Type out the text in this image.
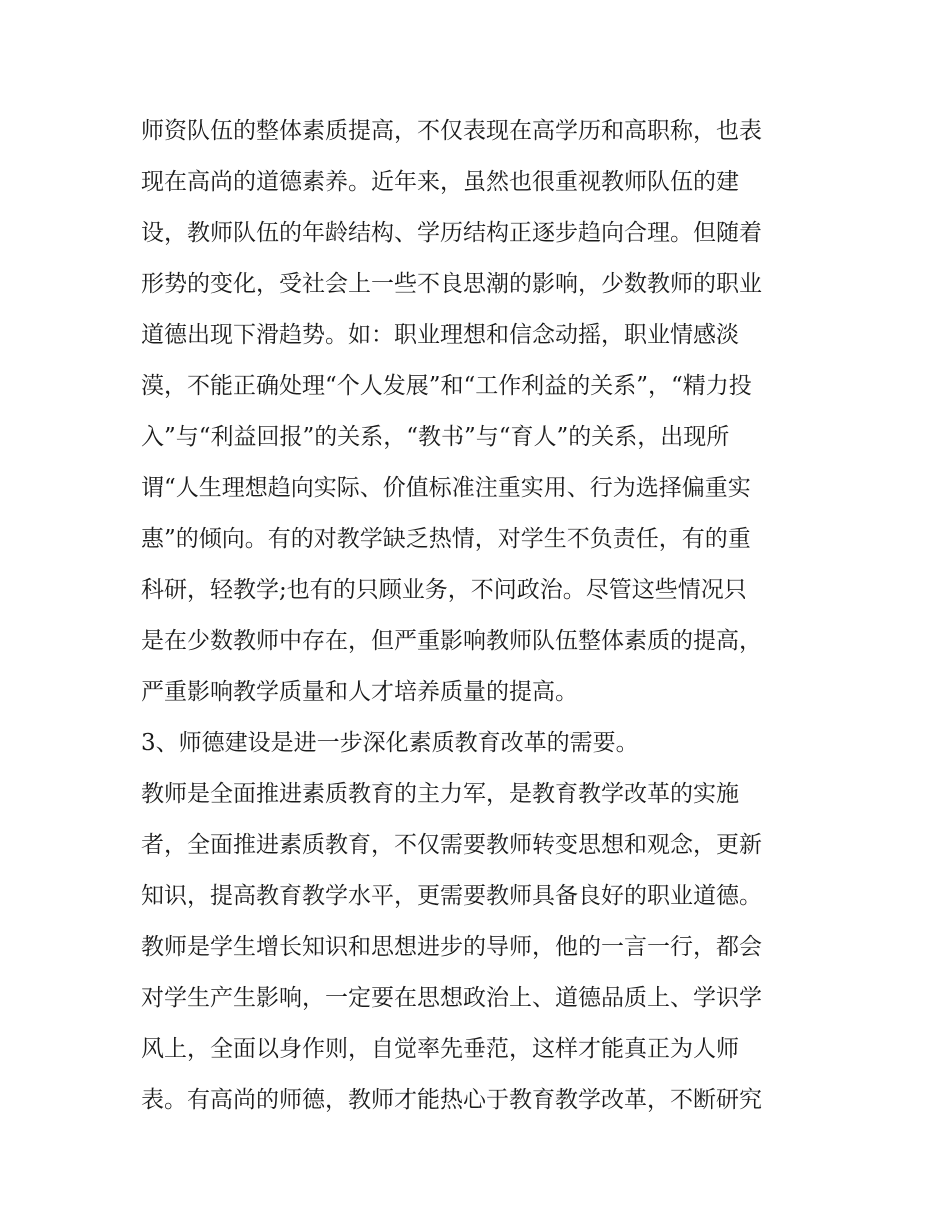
师资队伍的整体素质提高，不仅表现在高学历和高职称，也表

现在高尚的道德素养。近年来，虽然也很重视教师队伍的建

设，教师队伍的年龄结构、学历结构正逐步趋向合理。但随着

形势的变化，受社会上一些不良思潮的影响，少数教师的职业

道德出现下滑趋势。如：职业理想和信念动摇，职业情感淡

漠，不能正确处理“个人发展”和“工作利益的关系”，“精力投

入”与“利益回报”的关系，“教书”与“育人”的关系，出现所

谓“人生理想趋向实际、价值标准注重实用、行为选择偏重实

惠”的倾向。有的对教学缺乏热情，对学生不负责任，有的重

科研，轻教学;也有的只顾业务，不问政治。尽管这些情况只

是在少数教师中存在，但严重影响教师队伍整体素质的提高，

严重影响教学质量和人才培养质量的提高。

3、师德建设是进一步深化素质教育改革的需要。

教师是全面推进素质教育的主力军，是教育教学改革的实施

者，全面推进素质教育，不仅需要教师转变思想和观念，更新

知识，提高教育教学水平，更需要教师具备良好的职业道德。

教师是学生增长知识和思想进步的导师，他的一言一行，都会

对学生产生影响，一定要在思想政治上、道德品质上、学识学

风上，全面以身作则，自觉率先垂范，这样才能真正为人师

表。有高尚的师德，教师才能热心于教育教学改革，不断研究
